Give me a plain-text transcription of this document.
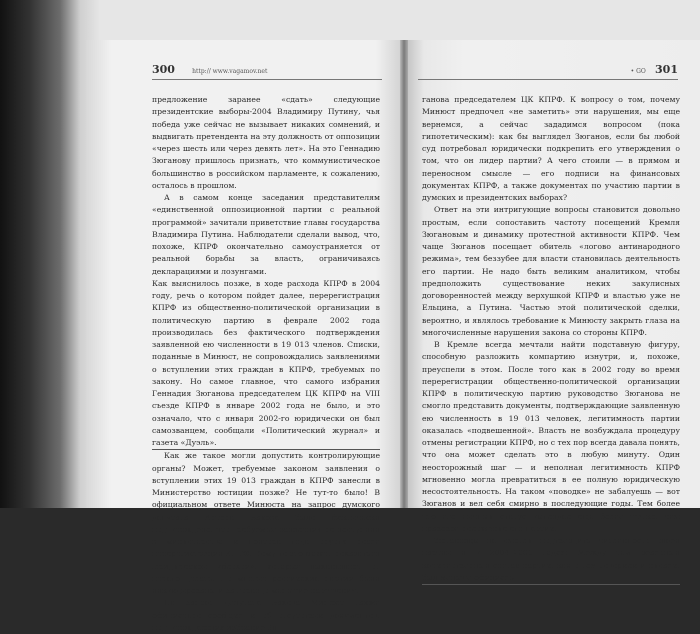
300	http:// www.vagamov.net

предложение заранее «сдать» следующие президентские выборы-2004 Владимиру Путину, чья победа уже сейчас не вызывает никаких сомнений, и выдвигать претендента на эту должность от оппозиции «через шесть или через девять лет». На это Геннадию Зюганову пришлось признать, что коммунистическое большинство в российском парламенте, к сожалению, осталось в прошлом.

А в самом конце заседания представителям «единственной оппозиционной партии с реальной программой» зачитали приветствие главы государства Владимира Путина. Наблюдатели сделали вывод, что, похоже, КПРФ окончательно самоустраняется от реальной борьбы за власть, ограничиваясь декларациями и лозунгами.

Как выяснилось позже, в ходе расхода КПРФ в 2004 году, речь о котором пойдет далее, перерегистрация КПРФ из общественно-политической организации в политическую партию в феврале 2002 года производилась без фактического подтверждения заявленной ею численности в 19 013 членов. Списки, поданные в Минюст, не сопровождались заявлениями о вступлении этих граждан в КПРФ, требуемых по закону. Но самое главное, что самого избрания Геннадия Зюганова председателем ЦК КПРФ на VIII съезде КПРФ в январе 2002 года не было, и это означало, что с января 2002-го юридически он был самозванцем, сообщали «Политический журнал» и газета «Дуэль».

Как же такое могли допустить контролирующие органы? Может, требуемые законом заявления о вступлении этих 19 013 граждан в КПРФ занесли в Министерство юстиции позже? Не тут-то было! В официальном ответе Минюста на запрос думского депутата Антона Бакова было фактически подтверждено, что требуемые заявления не поступили в министерство и полтора года спустя после перерегистрации КПРФ. Кому-то это может показаться юридической «блохой», которых выкапывают от нечего делать. Но многие российские партии были ликвидированы и за гораздо меньшие нарушения.

На запрос депутата Бакова Минюст также официально сообщил и об отсутствии документов, подтверждающих избрание Зю-

• GO 301

ганова председателем ЦК КПРФ. К вопросу о том, почему Минюст предпочел «не заметить» эти нарушения, мы еще вернемся, а сейчас зададимся вопросом (пока гипотетическим): как бы выглядел Зюганов, если бы любой суд потребовал юридически подкрепить его утверждения о том, что он лидер партии? А чего стоили — в прямом и переносном смысле — его подписи на финансовых документах КПРФ, а также документах по участию партии в думских и президентских выборах?

Ответ на эти интригующие вопросы становится довольно простым, если сопоставить частоту посещений Кремля Зюгановым и динамику протестной активности КПРФ. Чем чаще Зюганов посещает обитель «логово антинародного режима», тем беззубее для власти становилась деятельность его партии. Не надо быть великим аналитиком, чтобы предположить существование неких закулисных договоренностей между верхушкой КПРФ и властью уже не Ельцина, а Путина. Частью этой политической сделки, вероятно, и являлось требование к Минюсту закрыть глаза на многочисленные нарушения закона со стороны КПРФ.

В Кремле всегда мечтали найти подставную фигуру, способную разложить компартию изнутри, и, похоже, преуспели в этом. После того как в 2002 году во время перерегистрации общественно-политической организации КПРФ в политическую партию руководство Зюганова не смогло представить документы, подтверждающие заявленную ею численность в 19 013 человек, легитимность партии оказалась «подвешенной». Власть не возбуждала процедуру отмены регистрации КПРФ, но с тех пор всегда давала понять, что она может сделать это в любую минуту. Один неосторожный шаг — и неполная легитимность КПРФ мгновенно могла превратиться в ее полную юридическую несостоятельность. На таком «поводке» не забалуешь — вот Зюганов и вел себя смирно в последующие годы. Тем более что его личный статус выглядел еще более шатко, чем правовое положение его партии.

Зюгановцы не смогли подтвердить численность своей партии и в 2004–2005 годах! Между тем реальный количественный состав партии, как о том говорили и писали, был меньше официаль-
